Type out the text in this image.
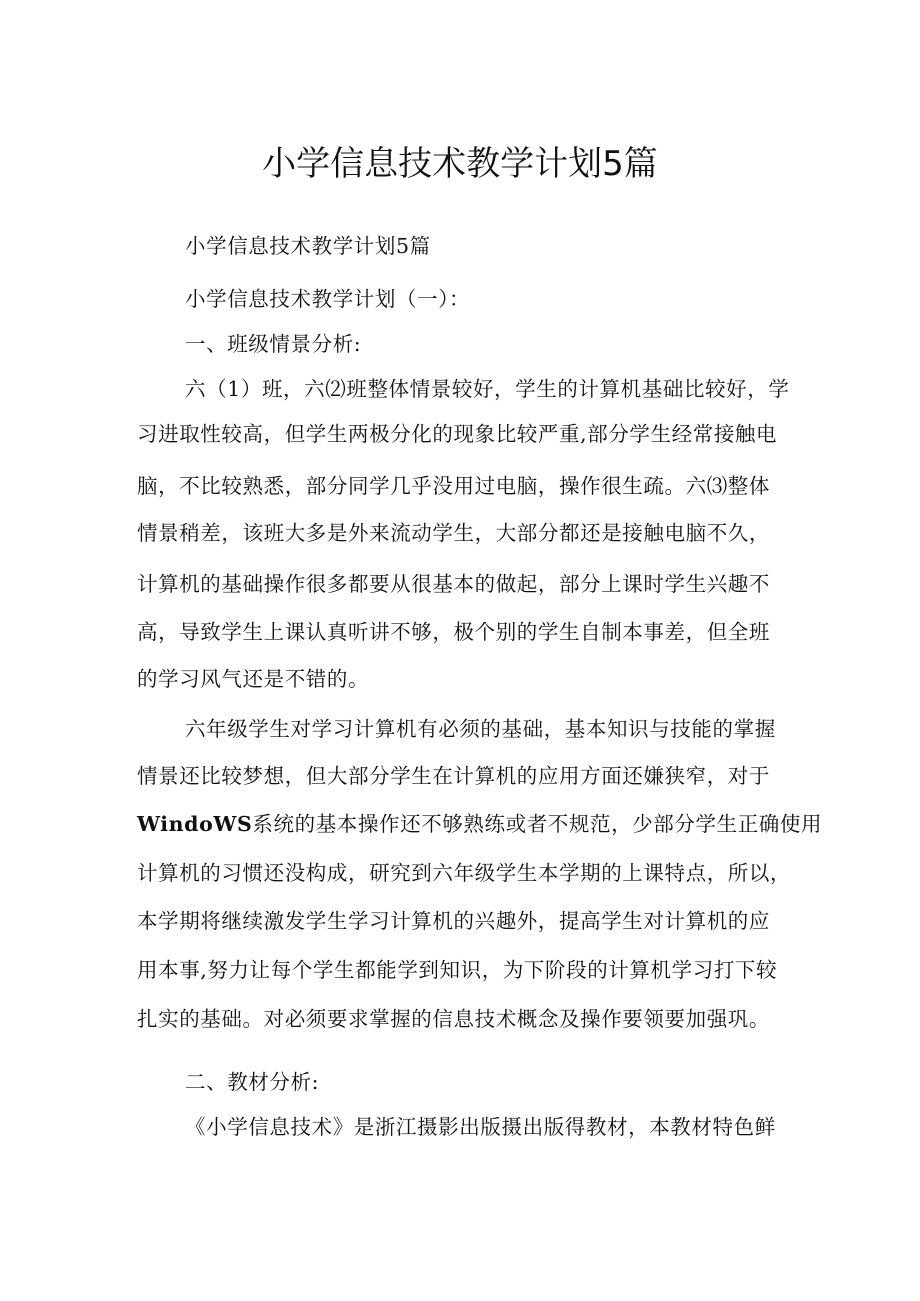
小学信息技术教学计划5篇
小学信息技术教学计划5篇
小学信息技术教学计划（一）：
一、班级情景分析:
六（1）班，六⑵班整体情景较好，学生的计算机基础比较好，学
习进取性较高，但学生两极分化的现象比较严重,部分学生经常接触电
脑，不比较熟悉，部分同学几乎没用过电脑，操作很生疏。六⑶整体
情景稍差，该班大多是外来流动学生，大部分都还是接触电脑不久，
计算机的基础操作很多都要从很基本的做起，部分上课时学生兴趣不
高，导致学生上课认真听讲不够，极个别的学生自制本事差，但全班
的学习风气还是不错的。
六年级学生对学习计算机有必须的基础，基本知识与技能的掌握
情景还比较梦想，但大部分学生在计算机的应用方面还嫌狭窄，对于
WindoWS系统的基本操作还不够熟练或者不规范，少部分学生正确使用
计算机的习惯还没构成，研究到六年级学生本学期的上课特点，所以，
本学期将继续激发学生学习计算机的兴趣外，提高学生对计算机的应
用本事,努力让每个学生都能学到知识，为下阶段的计算机学习打下较
扎实的基础。对必须要求掌握的信息技术概念及操作要领要加强巩。
二、教材分析:
《小学信息技术》是浙江摄影出版摄出版得教材，本教材特色鲜
